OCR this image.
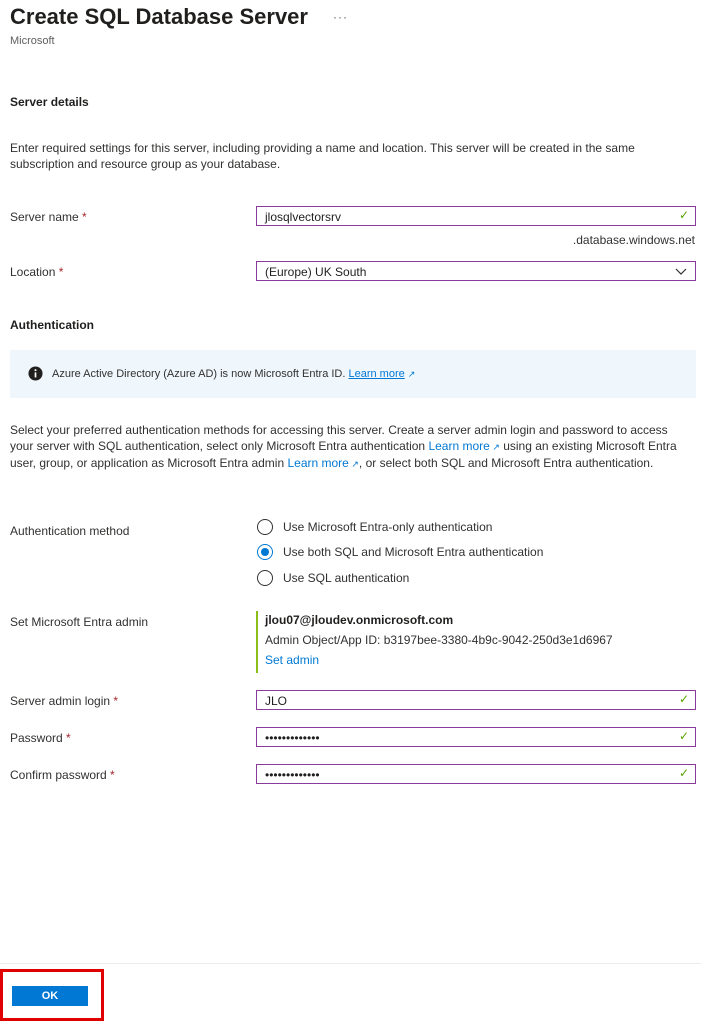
Create SQL Database Server ···
Microsoft
Server details
Enter required settings for this server, including providing a name and location. This server will be created in the same subscription and resource group as your database.
Server name *	jlosqlvectorsrv	✓
.database.windows.net
Location *	(Europe) UK South
Authentication
Azure Active Directory (Azure AD) is now Microsoft Entra ID. Learn more ↗
Select your preferred authentication methods for accessing this server. Create a server admin login and password to access your server with SQL authentication, select only Microsoft Entra authentication Learn more ↗ using an existing Microsoft Entra user, group, or application as Microsoft Entra admin Learn more ↗, or select both SQL and Microsoft Entra authentication.
Authentication method	Use Microsoft Entra-only authentication
Use both SQL and Microsoft Entra authentication
Use SQL authentication
Set Microsoft Entra admin	jlou07@jloudev.onmicrosoft.com
Admin Object/App ID: b3197bee-3380-4b9c-9042-250d3e1d6967
Set admin
Server admin login *	JLO	✓
Password *	•••••••••••••	✓
Confirm password *	•••••••••••••	✓
OK
